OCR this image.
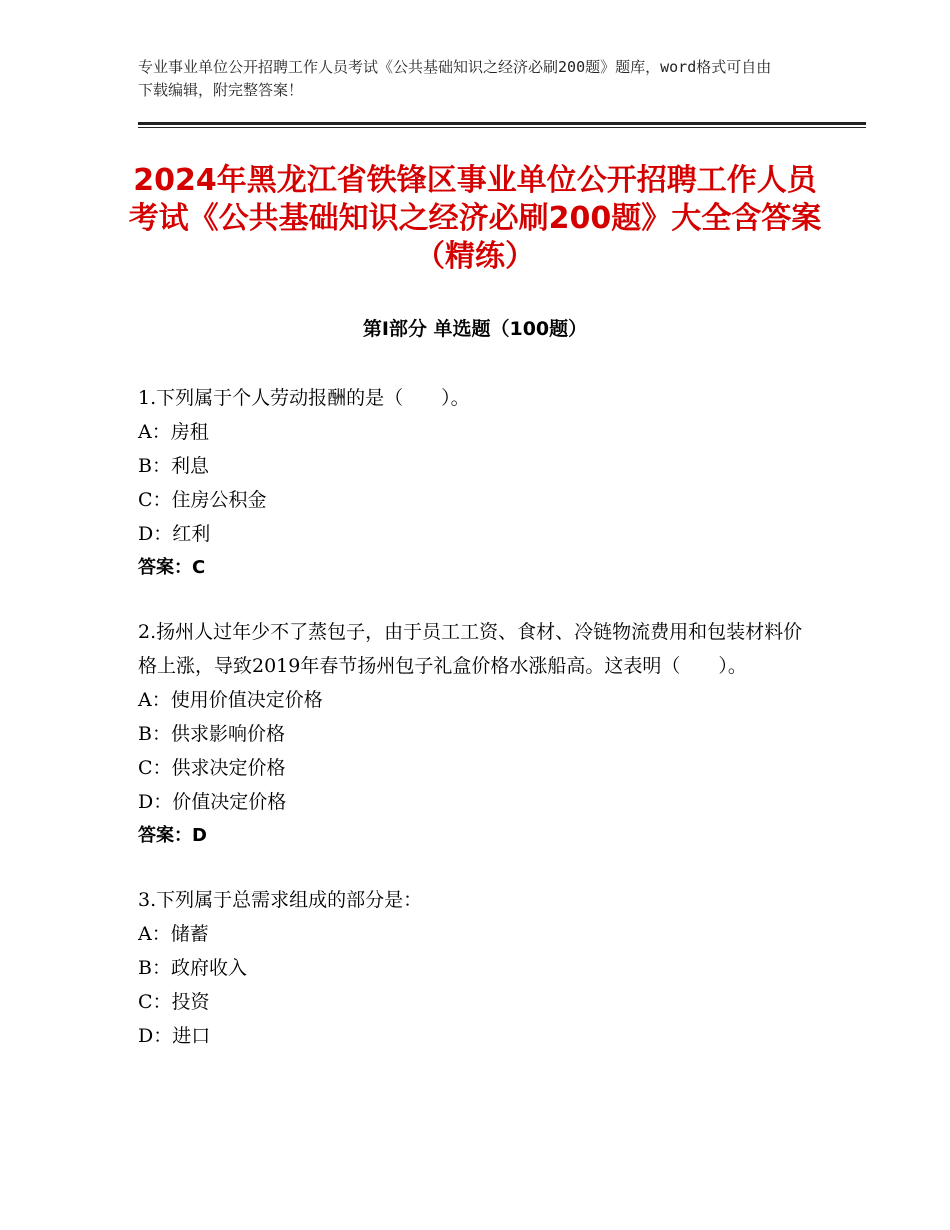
专业事业单位公开招聘工作人员考试《公共基础知识之经济必刷200题》题库，word格式可自由下载编辑，附完整答案！
2024年黑龙江省铁锋区事业单位公开招聘工作人员考试《公共基础知识之经济必刷200题》大全含答案（精练）
第Ⅰ部分 单选题（100题）
1.下列属于个人劳动报酬的是（　　）。
A：房租
B：利息
C：住房公积金
D：红利
答案：C
2.扬州人过年少不了蒸包子，由于员工工资、食材、冷链物流费用和包装材料价格上涨，导致2019年春节扬州包子礼盒价格水涨船高。这表明（　　）。
A：使用价值决定价格
B：供求影响价格
C：供求决定价格
D：价值决定价格
答案：D
3.下列属于总需求组成的部分是：
A：储蓄
B：政府收入
C：投资
D：进口
